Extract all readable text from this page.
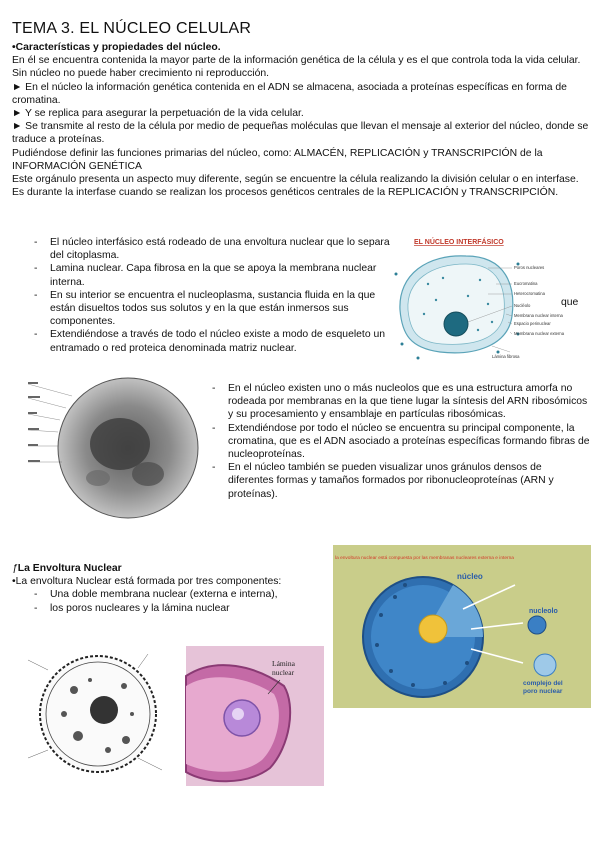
TEMA 3. EL NÚCLEO CELULAR

•Características y propiedades del núcleo.

En él se encuentra contenida la mayor parte de la información genética de la célula y es el que controla toda la vida celular. Sin núcleo no puede haber crecimiento ni reproducción.

► En el núcleo la información genética contenida en el ADN se almacena, asociada a proteínas específicas en forma de cromatina.

► Y se replica para asegurar la perpetuación de la vida celular.

► Se transmite al resto de la célula por medio de pequeñas moléculas que llevan el mensaje al exterior del núcleo, donde se traduce a proteínas.

Pudiéndose definir las funciones primarias del núcleo, como: ALMACÉN, REPLICACIÓN y TRANSCRIPCIÓN de la INFORMACIÓN GENÉTICA

Este orgánulo presenta un aspecto muy diferente, según se encuentre la célula realizando la división celular o en interfase. Es durante la interfase cuando se realizan los procesos genéticos centrales de la REPLICACIÓN y TRANSCRIPCIÓN.

- El núcleo interfásico está rodeado de una envoltura nuclear que lo separa del citoplasma.

- Lamina nuclear. Capa fibrosa en la que se apoya la membrana nuclear interna.

- En su interior se encuentra el nucleoplasma, sustancia fluida en la que están disueltos todos sus solutos y en la que están inmersos sus componentes.

- Extendiéndose a través de todo el núcleo existe a modo de esqueleto un entramado o red proteica denominada matriz nuclear.

que
EL NÚCLEO INTERFÁSICO
Poros nucleares
Eucromatina
Heterocromatina
Nucléolo
Membrana nuclear interna
Espacio perinuclear
Membrana nuclear externa
Lámina fibrosa

- En el núcleo existen uno o más nucleolos que es una estructura amorfa no rodeada por membranas en la que tiene lugar la síntesis del ARN ribosómicos y su procesamiento y ensamblaje en partículas ribosómicas.

- Extendiéndose por todo el núcleo se encuentra su principal componente, la cromatina, que es el ADN asociado a proteínas específicas formando fibras de nucleoproteínas.

- En el núcleo también se pueden visualizar unos gránulos densos de diferentes formas y tamaños formados por ribonucleoproteínas (ARN y proteínas).

ƒLa Envoltura Nuclear

•La envoltura Nuclear está formada por tres componentes:

- Una doble membrana nuclear (externa e interna),

- los poros nucleares y la lámina nuclear

la envoltura nuclear está compuesta por las membranas nucleares externa e interna
núcleo
nucleolo
complejo del
poro nuclear
Lámina
nuclear
